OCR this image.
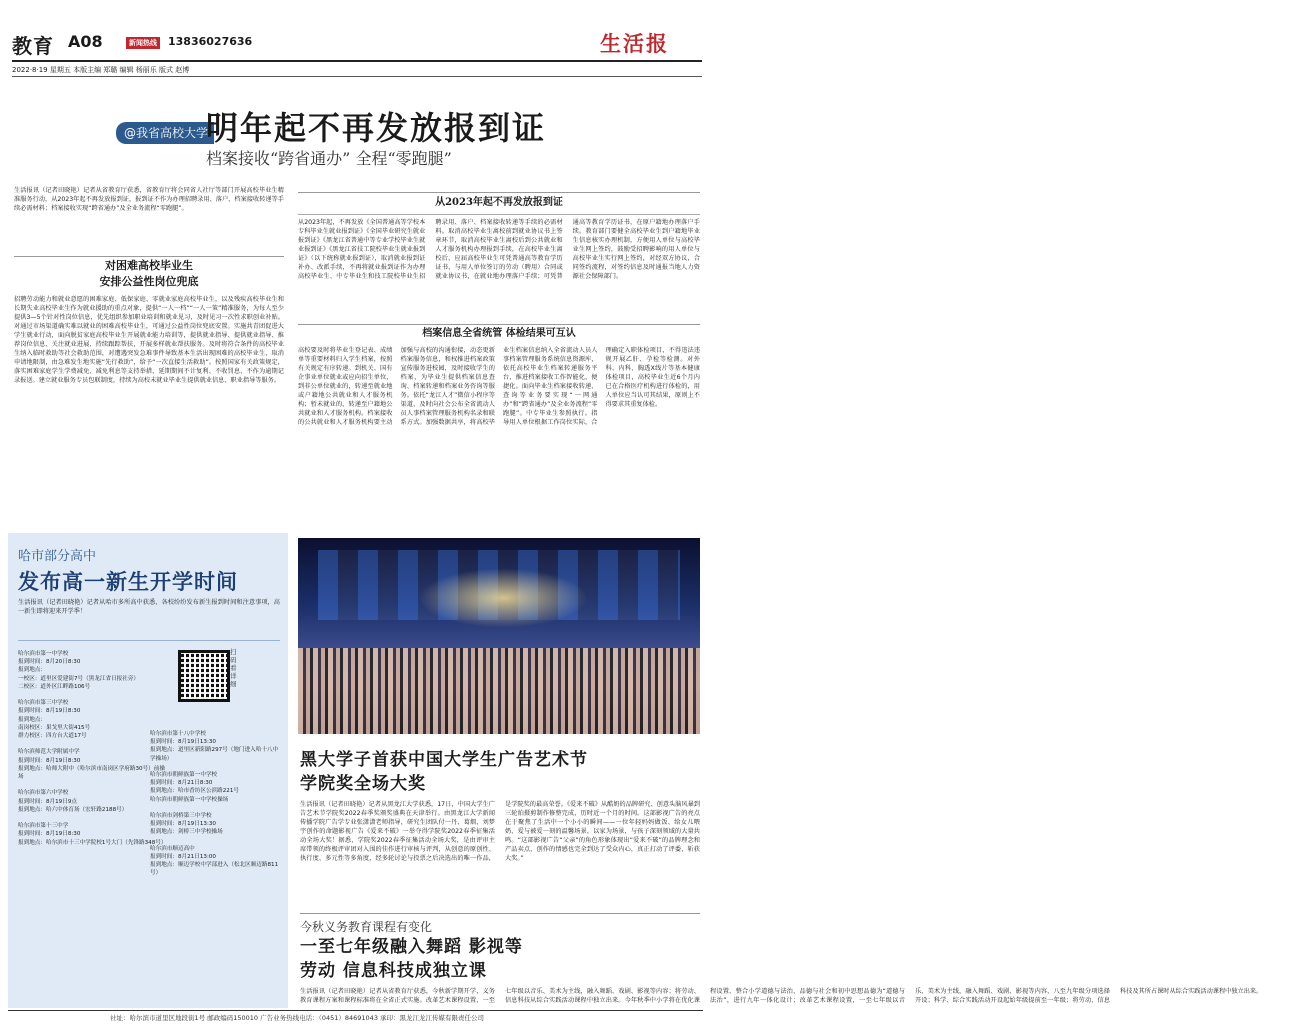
教育 A08	新闻热线 13836027636	生活报
2022·8·19 星期五 本版主编 郑璐 编辑 杨丽乐 版式 赵博
@我省高校大学生
明年起不再发放报到证
档案接收“跨省通办” 全程“零跑腿”
生活报讯（记者田晓艳）记者从省教育厅获悉，省教育厅将会同省人社厅等部门开展高校毕业生精准服务行动，从2023年起不再发放报到证，报到证不作为办理招聘录用、落户、档案接收转递等手续必需材料；档案接收实现“跨省通办”及全业务流程“零跑腿”。
对困难高校毕业生
安排公益性岗位兜底
招聘劳动能力和就业意愿的困难家庭、低保家庭、零就业家庭高校毕业生，以及残疾高校毕业生和长期失业高校毕业生作为就业援助的重点对象，提供“一人一档”“一人一策”精准服务，为每人至少提供3—5个针对性岗位信息，优先组织参加职业培训和就业见习，及时见习一次性求职创业补贴。对通过市场渠道确实难以就业的困难高校毕业生，可通过公益性岗位兜底安置。实施共青团促进大学生就业行动，面向脱贫家庭高校毕业生开展就业能力培训等，提供就业指导、提供就业指导、推荐岗位信息、关注就业进展、持续跟踪帮扶，开展多样就业帮扶服务。及时将符合条件的高校毕业生纳入临时救助等社会救助范围，对遭遇突发急难事件导致基本生活出现困难的高校毕业生，取消申请地限制，由急难发生地实施“先行救助”，给予“一次直接生活救助”。按照国家有关政策规定，落实困难家庭学生学费减免、减免利息等支持举措，延期期间不计复利、不收罚息、不作为逾期记录报送。建立就业服务专员包联制度，持续为高校未就业毕业生提供就业信息、职业指导等服务。
从2023年起不再发放报到证
从2023年起，不再发放《全国普通高等学校本专科毕业生就业报到证》《全国毕业研究生就业报到证》《黑龙江省普通中等专业学校毕业生就业报到证》《黑龙江省技工院校毕业生就业报到证》（以下统称就业报到证），取消就业报到证补办、改派手续，不再将就业报到证作为办理高校毕业生、中专毕业生和技工院校毕业生招聘录用、落户、档案接收转递等手续的必需材料。取消高校毕业生离校前到就业协议书上签章环节，取消高校毕业生离校后到公共就业和人才服务机构办理报到手续，在高校毕业生离校后，应届高校毕业生可凭普通高等教育学历证书、与用人单位签订的劳动（聘用）合同或就业协议书，在就业地办理落户手续；可凭普通高等教育学历证书，在原户籍地办理落户手续。教育部门要健全高校毕业生到户籍地毕业生信息核实办理机制，方便用人单位与高校毕业生网上签约，鼓励受招聘影响的用人单位与高校毕业生实行网上签约，对经双方协议，合同签约流程，对签约信息及时通报当地人力资源社会保障部门。
档案信息全省统管 体检结果可互认
高校要及时将毕业生登记表、成绩单等重要材料归入学生档案，按照有关规定有序转递。到机关、国有企事业单位就业或应向招生单位，到非公单位就业的，转递至就业地或户籍地公共就业和人才服务机构；暂未就业的，转递至户籍地公共就业和人才服务机构。档案接收的公共就业和人才服务机构要主动加强与高校的沟通衔接，动态更新档案服务信息，和权推进档案政策宣传服务进校园，及时接收学生的档案，为毕业生提供档案信息查询、档案转递和档案业务咨询等服务。依托“龙江人才”微信小程序等渠道，及时向社会公布全省流动人员人事档案管理服务机构名录和联系方式。加强数据共享，将高校毕业生档案信息纳入全省流动人员人事档案管理服务系统信息资源库，依托高校毕业生档案转递服务平台，推进档案接收工作智能化、便捷化。面向毕业生档案接收转递、查询等业务要实现“一网通办”和“跨省通办”及全业务流程“零跑腿”。中专毕业生参照执行。指导用人单位根据工作岗位实际，合理确定入职体检项目，不得违法违规开展乙肝、孕检等检测。对外科、内科、胸透X线片等基本健康体检项目，高校毕业生近6个月内已在合格医疗机构进行体检的，用人单位应当认可其结果，原则上不得要求其重复体检。
哈市部分高中
发布高一新生开学时间
生活报讯（记者田晓艳）记者从哈市多所高中获悉，各校纷纷发布新生报到时间和注意事项，高一新生即将迎来开学季！
扫码看详细
哈尔滨市第一中学校
报到时间：8月20日8:30
报到地点：
一校区：道里区爱建街7号（黑龙江省日报社旁）
二校区：道外区江畔路106号

哈尔滨市第三中学校
报到时间：8月19日8:30
报到地点：
南岗校区：果戈里大街415号
群力校区：四方台大道17号

哈尔滨师范大学附属中学
报到时间：8月19日8:30
报到地点：哈师大附中（哈尔滨市南岗区学府路30号）前操场

哈尔滨市第六中学校
报到时间：8月19日9点
报到地点：哈六中体育场（宏轩路2188号）

哈尔滨市第十三中学
报到时间：8月19日8:30
报到地点：哈尔滨市十三中学院校1号大门（先锋路348号）
哈尔滨市第十八中学校
报到时间：8月19日13:30
报到地点：道里区新阳路297号（地门进入哈十八中学操场）

哈尔滨市朝鲜族第一中学校
报到时间：8月21日8:30
报到地点：哈市香坊区公滨路221号
哈尔滨市朝鲜族第一中学校操场

哈尔滨市剑桥第三中学校
报到时间：8月19日13:30
报到地点：剑桥三中学校操场

哈尔滨市顺迈高中
报到时间：8月21日13:00
报到地点：顺迈学校中学部进入（松北区顺迈路811号）
黑大学子首获中国大学生广告艺术节
学院奖全场大奖
生活报讯（记者田晓艳）记者从黑龙江大学获悉，17日，中国大学生广告艺术节学院奖2022春季奖颁奖盛典在天津举行。由黑龙江大学新闻传播学院广告学专业张潇潇老师指导，研究生团队付一丹、葛烟、刘梦宇创作的命题影视广告《爱来不破》一举夺得学院奖2022春季征集活动全场大奖！据悉，学院奖2022春季征集活动全场大奖，是由评审主席带领的终极评审团对入围的佳作进行审核与评判，从创意的原创性、执行度、多元性等多角度，经多轮讨论与投票之后决选出的唯一作品，是学院奖的最高荣誉。《爱来不破》从酷奶的品牌研究、创意头脑风暴到三轮拍摄剪制作修整完成，历时近一个月的时间。这部影视广告的亮点在于聚焦了生活中一个小小的瞬间——一位年轻妈妈做饭、给女儿喂奶、爱与被爱一刻的温馨场景，以家为场景，与孩子深刻领域的大量共鸣。“这部影视广告“父亲”的角色形象体现出“爱来不破”的品牌理念和产品卖点，创作的情感也完全到达了受众内心，真正打动了评委，斩获大奖。”
今秋义务教育课程有变化
一至七年级融入舞蹈 影视等
劳动 信息科技成独立课
生活报讯（记者田晓艳）记者从省教育厅获悉，今秋新学期开学，义务教育课程方案和课程标准将在全省正式实施。改革艺术课程设置，一至七年级以音乐、美术为主线，融入舞蹈、戏剧、影视等内容；将劳动、信息科技从综合实践活动课程中独立出来。今年秋季中小学将在优化课程设置、整合小学道德与法治、品德与社会和初中思想品德为“道德与法治”，进行九年一体化设计；改革艺术课程设置，一至七年级以音乐、美术为主线，融入舞蹈、戏剧、影视等内容，八至九年级分项选择开设；科学、综合实践活动开设起始年级提前至一年级；将劳动、信息科技及其所占课时从综合实践活动课程中独立出来。
社址：哈尔滨市道里区地段街1号 邮政编码150010 广告业务热线电话：（0451）84691043 承印：黑龙江龙江传媒有限责任公司
